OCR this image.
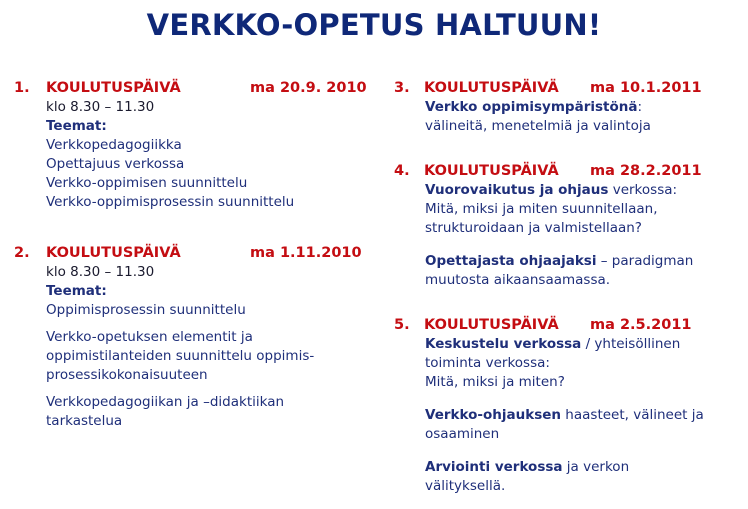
VERKKO-OPETUS HALTUUN!
1.	KOULUTUSPÄIVÄ	ma 20.9. 2010
klo 8.30 – 11.30
Teemat:
Verkkopedagogiikka
Opettajuus verkossa
Verkko-oppimisen suunnittelu
Verkko-oppimisprosessin suunnittelu
2.	KOULUTUSPÄIVÄ	ma 1.11.2010
klo 8.30 – 11.30
Teemat:
Oppimisprosessin suunnittelu
Verkko-opetuksen elementit ja
oppimistilanteiden suunnittelu oppimis-
prosessikokonaisuuteen
Verkkopedagogiikan ja –didaktiikan
tarkastelua
3. KOULUTUSPÄIVÄ	ma 10.1.2011
Verkko oppimisympäristönä:
välineitä, menetelmiä ja valintoja
4. KOULUTUSPÄIVÄ	ma 28.2.2011
Vuorovaikutus ja ohjaus verkossa:
Mitä, miksi ja miten suunnitellaan,
strukturoidaan ja valmistellaan?
Opettajasta ohjaajaksi – paradigman
muutosta aikaansaamassa.
5. KOULUTUSPÄIVÄ	ma 2.5.2011
Keskustelu verkossa / yhteisöllinen
toiminta verkossa:
Mitä, miksi ja miten?
Verkko-ohjauksen haasteet, välineet ja
osaaminen
Arviointi verkossa ja verkon
välityksellä.
